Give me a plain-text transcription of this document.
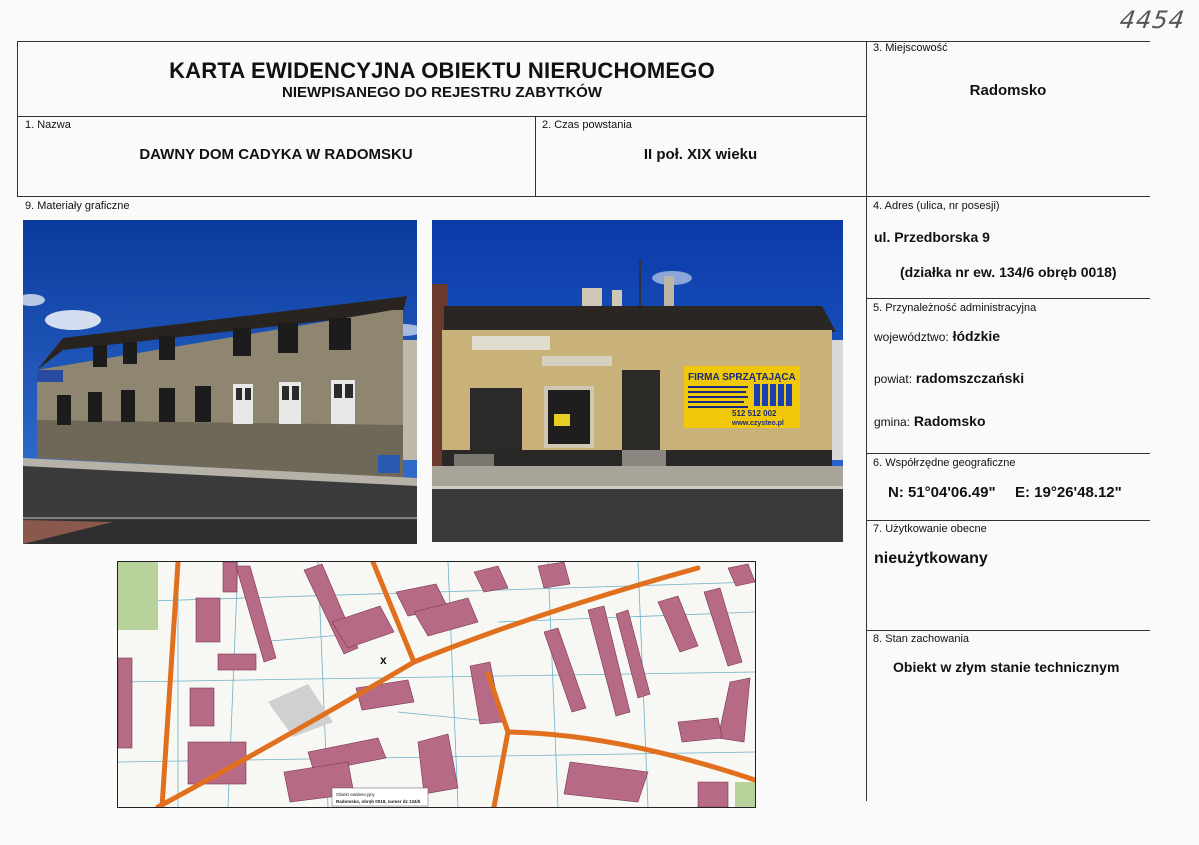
4454
KARTA EWIDENCYJNA OBIEKTU NIERUCHOMEGO
NIEWPISANEGO DO REJESTRU ZABYTKÓW
3. Miejscowość
Radomsko
1. Nazwa
DAWNY DOM CADYKA W RADOMSKU
2. Czas powstania
II poł. XIX wieku
9. Materiały graficzne	4. Adres (ulica, nr posesji)
ul. Przedborska 9
(działka nr ew. 134/6 obręb 0018)
5. Przynależność administracyjna
województwo: łódzkie
powiat: radomszczański
gmina: Radomsko
6. Współrzędne geograficzne
N: 51°04'06.49" E: 19°26'48.12"
7. Użytkowanie obecne
nieużytkowany
8. Stan zachowania
Obiekt w złym stanie technicznym
FIRMA SPRZĄTAJĄCA
512 512 002
www.czysteo.pl
x
Obiekt ewidencyjny
Radomsko, obręb 0018, numer dz 134/6
